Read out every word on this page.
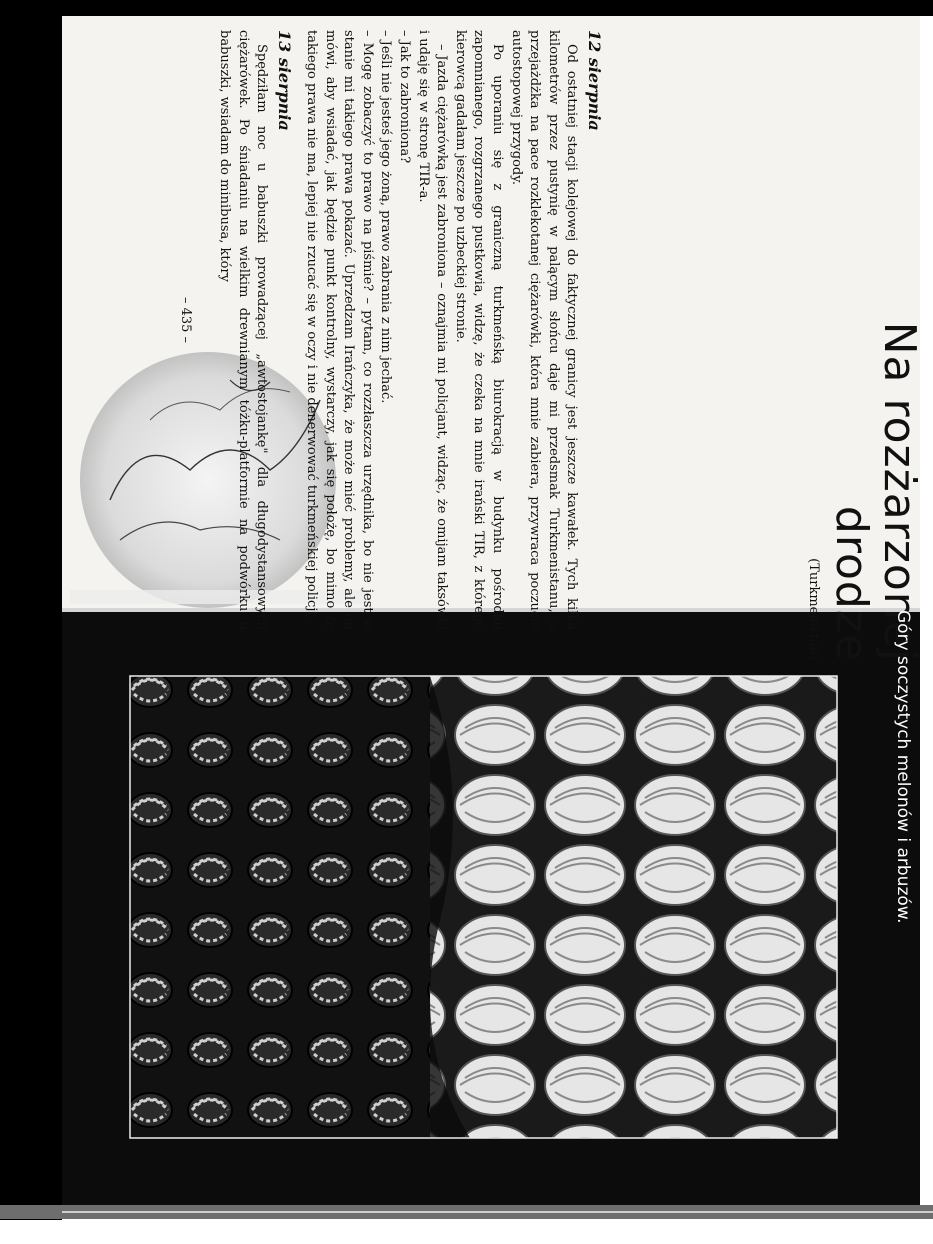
Na rozżarzonej
drodze
(Turkmenistan)
12 sierpnia

Od ostatniej stacji kolejowej do faktycznej granicy jest jeszcze kawałek. Tych kilka kilometrów przez pustynię w palącym słońcu daje mi przedsmak Turkmenistanu, a przejażdżka na pace rozklekotanej ciężarówki, która mnie zabiera, przywraca poczucie autostopowej przygody.

Po uporaniu się z graniczną turkmeńską biurokracją w budynku pośrodku zapomnianego, rozgrzanego pustkowia, widzę, że czeka na mnie irański TIR, z którego kierowcą gadałam jeszcze po uzbeckiej stronie.

– Jazda ciężarówką jest zabroniona – oznajmia mi policjant, widząc, że omijam taksówki i udaję się w stronę TIR-a.

– Jak to zabroniona?

– Jeśli nie jesteś jego żoną, prawo zabrania z nim jechać.

– Mogę zobaczyć to prawo na piśmie? – pytam, co rozzłaszcza urzędnika, bo nie jest w stanie mi takiego prawa pokazać. Uprzedzam Irańczyka, że może mieć problemy, ale on mówi, aby wsiadać, jak będzie punkt kontrolny, wystarczy, jak się położę, bo mimo że takiego prawa nie ma, lepiej nie rzucać się w oczy i nie denerwować turkmeńskiej policji.

13 sierpnia

Spędziłam noc u babuszki prowadzącej „awtostojankę" dla długodystansowych ciężarówek. Po śniadaniu na wielkim drewnianym tóżku-platformie na podwórku u babuszki, wsiadam do minibusa, który

– 435 –
Góry soczystych melonów i arbuzów.
